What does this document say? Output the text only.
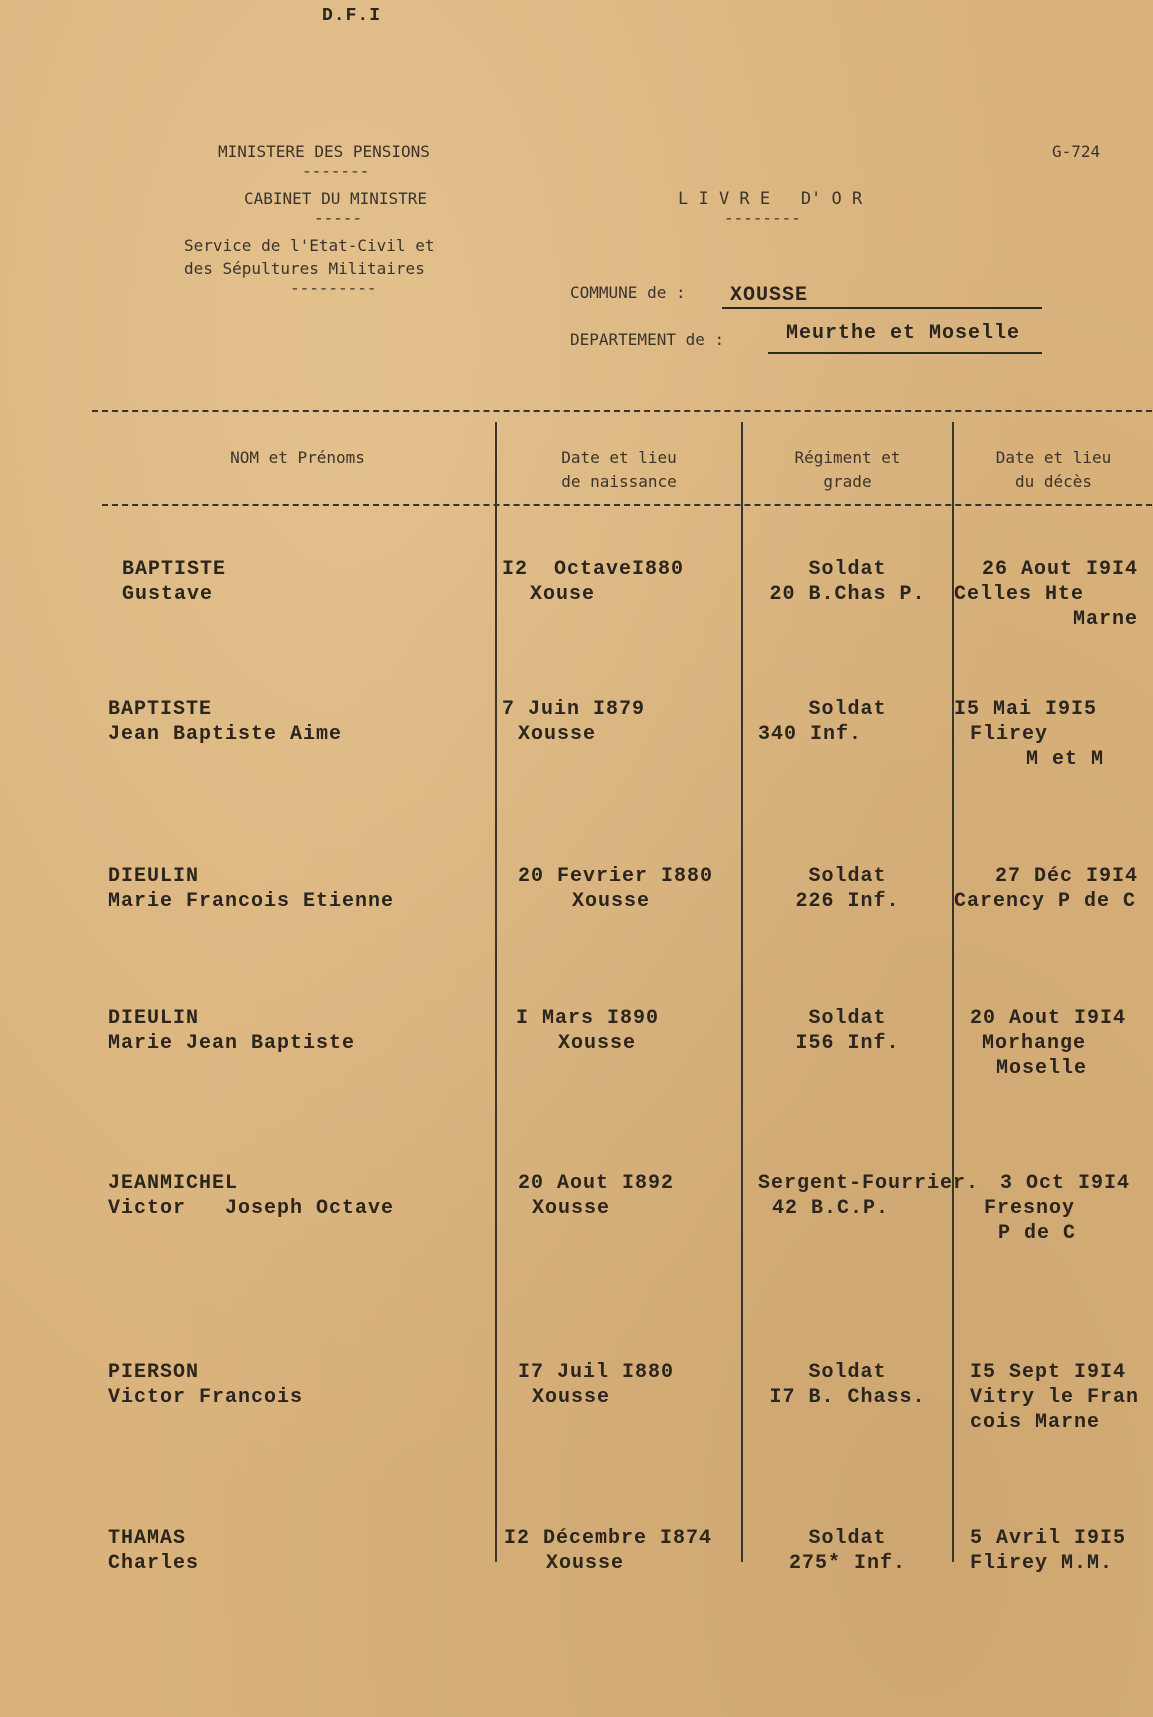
D.F.I
G-724
MINISTERE DES PENSIONS
-------
CABINET DU MINISTRE
-----
Service de l'Etat-Civil et
des Sépultures Militaires
---------
L I V R E   D' O R
--------
COMMUNE de : XOUSSE
DEPARTEMENT de :	Meurthe et Moselle
NOM et Prénoms	Date et lieu
de naissance
Régiment et
grade
Date et lieu
du décès
BAPTISTE
Gustave
I2  OctaveI880
Xouse
Soldat
20 B.Chas P.
26 Aout I9I4
Celles Hte
Marne
BAPTISTE
Jean Baptiste Aime
7 Juin I879
Xousse
Soldat
340 Inf.
I5 Mai I9I5
Flirey
M et M
DIEULIN
Marie Francois Etienne
20 Fevrier I880
Xousse
Soldat
226 Inf.
27 Déc I9I4
Carency P de C
DIEULIN
Marie Jean Baptiste
I Mars I890
Xousse
Soldat
I56 Inf.
20 Aout I9I4
Morhange
Moselle
JEANMICHEL
Victor   Joseph Octave
20 Aout I892
Xousse
Sergent-Fourrier.
42 B.C.P.
3 Oct I9I4
Fresnoy
P de C
PIERSON
Victor Francois
I7 Juil I880
Xousse
Soldat
I7 B. Chass.
I5 Sept I9I4
Vitry le Fran
cois Marne
THAMAS
Charles
I2 Décembre I874
Xousse
Soldat
275* Inf.
5 Avril I9I5
Flirey M.M.
